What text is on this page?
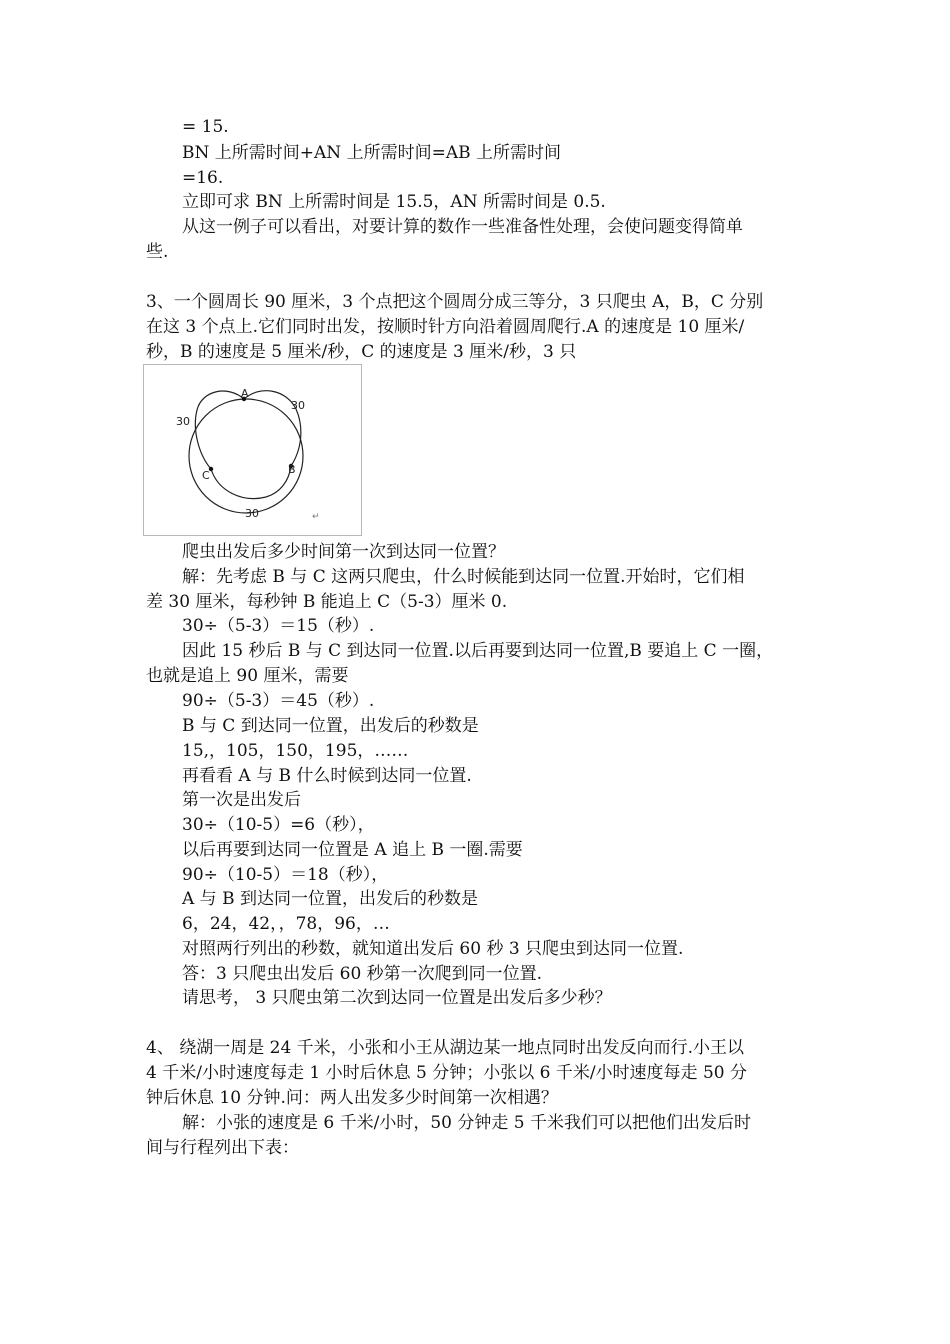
= 15.
BN 上所需时间+AN 上所需时间=AB 上所需时间
=16.
立即可求 BN 上所需时间是 15.5，AN 所需时间是 0.5.
从这一例子可以看出，对要计算的数作一些准备性处理，会使问题变得简单
些.
3、一个圆周长 90 厘米，3 个点把这个圆周分成三等分，3 只爬虫 A，B，C 分别
在这 3 个点上.它们同时出发，按顺时针方向沿着圆周爬行.A 的速度是 10 厘米/
秒，B 的速度是 5 厘米/秒，C 的速度是 3 厘米/秒，3 只
A
B
C
30
30
30	↵
爬虫出发后多少时间第一次到达同一位置？
解：先考虑 B 与 C 这两只爬虫，什么时候能到达同一位置.开始时，它们相
差 30 厘米，每秒钟 B 能追上 C（5-3）厘米 0.
30÷（5-3）＝15（秒）.
因此 15 秒后 B 与 C 到达同一位置.以后再要到达同一位置,B 要追上 C 一圈，
也就是追上 90 厘米，需要
90÷（5-3）＝45（秒）.
B 与 C 到达同一位置，出发后的秒数是
15,，105，150，195，……
再看看 A 与 B 什么时候到达同一位置.
第一次是出发后
30÷（10-5）=6（秒），
以后再要到达同一位置是 A 追上 B 一圈.需要
90÷（10-5）＝18（秒），
A 与 B 到达同一位置，出发后的秒数是
6，24，42，，78，96，…
对照两行列出的秒数，就知道出发后 60 秒 3 只爬虫到达同一位置.
答：3 只爬虫出发后 60 秒第一次爬到同一位置.
请思考， 3 只爬虫第二次到达同一位置是出发后多少秒？
4、 绕湖一周是 24 千米，小张和小王从湖边某一地点同时出发反向而行.小王以
4 千米/小时速度每走 1 小时后休息 5 分钟；小张以 6 千米/小时速度每走 50 分
钟后休息 10 分钟.问：两人出发多少时间第一次相遇？
解：小张的速度是 6 千米/小时，50 分钟走 5 千米我们可以把他们出发后时
间与行程列出下表：
